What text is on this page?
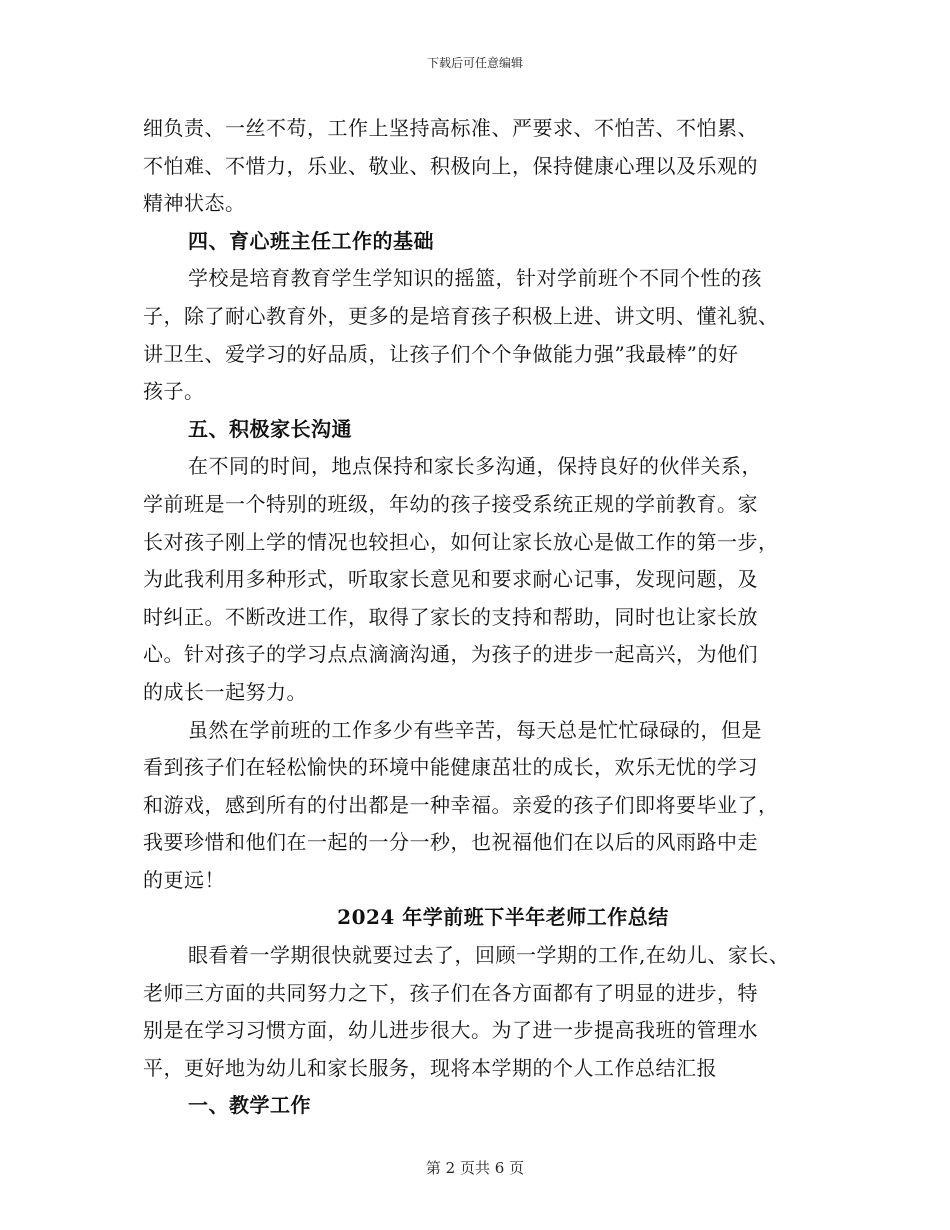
下载后可任意编辑
细负责、一丝不苟，工作上坚持高标准、严要求、不怕苦、不怕累、
不怕难、不惜力，乐业、敬业、积极向上，保持健康心理以及乐观的
精神状态。
四、育心班主任工作的基础
学校是培育教育学生学知识的摇篮，针对学前班个不同个性的孩
子，除了耐心教育外，更多的是培育孩子积极上进、讲文明、懂礼貌、
讲卫生、爱学习的好品质，让孩子们个个争做能力强”我最棒”的好
孩子。
五、积极家长沟通
在不同的时间，地点保持和家长多沟通，保持良好的伙伴关系，
学前班是一个特别的班级，年幼的孩子接受系统正规的学前教育。家
长对孩子刚上学的情况也较担心，如何让家长放心是做工作的第一步，
为此我利用多种形式，听取家长意见和要求耐心记事，发现问题，及
时纠正。不断改进工作，取得了家长的支持和帮助，同时也让家长放
心。针对孩子的学习点点滴滴沟通，为孩子的进步一起高兴，为他们
的成长一起努力。
虽然在学前班的工作多少有些辛苦，每天总是忙忙碌碌的，但是
看到孩子们在轻松愉快的环境中能健康茁壮的成长，欢乐无忧的学习
和游戏，感到所有的付出都是一种幸福。亲爱的孩子们即将要毕业了，
我要珍惜和他们在一起的一分一秒，也祝福他们在以后的风雨路中走
的更远！
2024 年学前班下半年老师工作总结
眼看着一学期很快就要过去了，回顾一学期的工作,在幼儿、家长、
老师三方面的共同努力之下，孩子们在各方面都有了明显的进步，特
别是在学习习惯方面，幼儿进步很大。为了进一步提高我班的管理水
平，更好地为幼儿和家长服务，现将本学期的个人工作总结汇报
一、教学工作
第 2 页共 6 页
